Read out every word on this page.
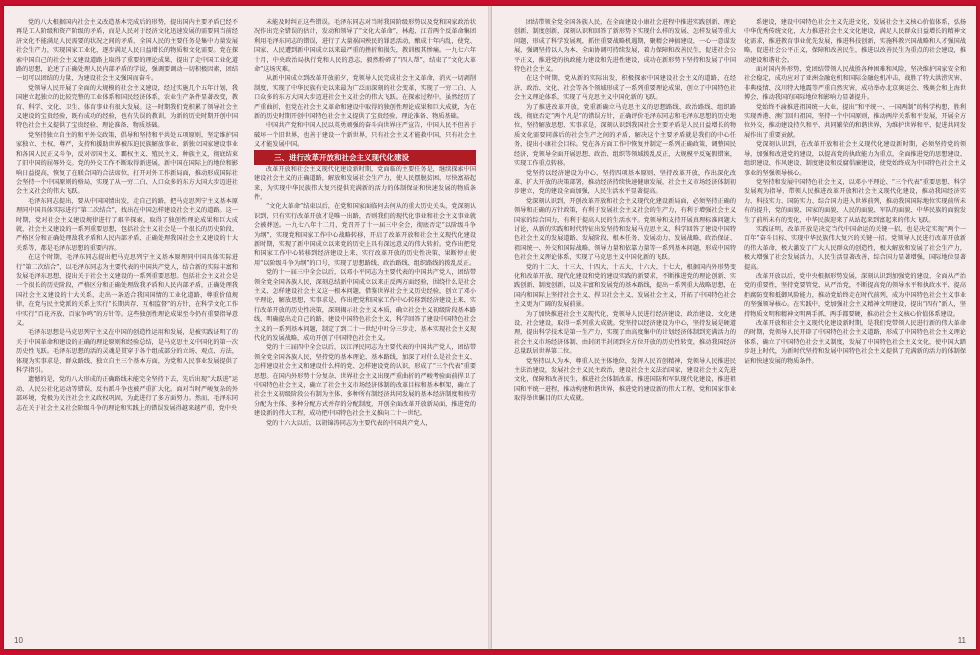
党的八大根据国内社会主义改造基本完成后的形势，提出国内主要矛盾已经不再是工人阶级和资产阶级的矛盾，而是人民对于经济文化迅速发展的需要同当前经济文化不能满足人民需要的状况之间的矛盾，全国人民的主要任务是集中力量发展社会生产力，实现国家工业化，逐步满足人民日益增长的物质和文化需要。党在探索中国自己的社会主义建设道路上取得了重要的理论成果，提出了走中国工业化道路的思想，论述了正确处理人民内部矛盾的学说，强调要调动一切积极因素，团结一切可以团结的力量，为建设社会主义强国而奋斗。

党领导人民开展了全面的大规模的社会主义建设，经过实施几个五年计划，我国建立起独立的比较完整的工业体系和国民经济体系，农业生产条件显著改变，教育、科学、文化、卫生、体育事业有很大发展。这一时期我们党积累了领导社会主义建设的宝贵经验，既有成功的经验，也有失误的教训，为新的历史时期开创中国特色社会主义提供了宝贵经验、理论准备、物质基础。

党坚持独立自主的和平外交政策，倡导和坚持和平共处五项原则，坚定维护国家独立、主权、尊严，支持和援助世界被压迫民族解放事业、新独立国家建设事业和各国人民正义斗争，反对帝国主义、霸权主义、殖民主义、种族主义，彻底结束了旧中国的屈辱外交。党的外交工作不断取得新进展，新中国在国际上的地位和影响日益提高，恢复了在联合国的合法席位，打开对外工作新局面，推动形成国际社会坚持一个中国原则的格局，实现了从一穷二白、人口众多的东方大国大步迈进社会主义社会的伟大飞跃。

毛泽东同志提出，要从中国国情出发，走自己的路，把马克思列宁主义基本原理同中国具体实际进行“第二次结合”，找出在中国怎样建设社会主义的道路。这一时期，党对社会主义建设规律进行了艰辛探索，取得了独创性理论成果和巨大成就，社会主义建设的一系列重要思想，包括社会主义社会是一个很长的历史阶段、严格区分和正确处理敌我矛盾和人民内部矛盾、正确处理我国社会主义建设的十大关系等，都是毛泽东思想的重要内容。

在这个时期，毛泽东同志提出把马克思列宁主义基本原理同中国具体实际进行“第二次结合”，以毛泽东同志为主要代表的中国共产党人，结合新的实际丰富和发展毛泽东思想，提出关于社会主义建设的一系列重要思想。包括社会主义社会是一个很长的历史阶段，严格区分和正确处理敌我矛盾和人民内部矛盾，正确处理我国社会主义建设的十大关系，走出一条适合我国国情的工业化道路，尊重价值规律，在党与民主党派的关系上实行“长期共存、互相监督”的方针，在科学文化工作中实行“百花齐放、百家争鸣”的方针等。这些独创性理论成果至今仍有重要指导意义。

毛泽东思想是马克思列宁主义在中国的创造性运用和发展，是被实践证明了的关于中国革命和建设的正确的理论原则和经验总结，是马克思主义中国化的第一次历史性飞跃。毛泽东思想的活的灵魂是贯穿于各个组成部分的立场、观点、方法，体现为实事求是、群众路线、独立自主三个基本方面，为党和人民事业发展提供了科学指引。

遗憾的是，党的八大形成的正确路线未能完全坚持下去，先后出现“大跃进”运动、人民公社化运动等错误，反右派斗争也被严重扩大化。面对当时严峻复杂的外部环境，党极为关注社会主义政权巩固，为此进行了多方面努力。然而，毛泽东同志在关于社会主义社会阶级斗争的理论和实践上的错误发展得越来越严重，党中央

未能及时纠正这些错误。毛泽东同志对当时我国阶级形势以及党和国家政治状况作出完全错误的估计，发动和领导了“文化大革命”，林彪、江青两个反革命集团利用毛泽东同志的错误，进行了大量祸国殃民的罪恶活动，酿成十年内乱，使党、国家、人民遭到新中国成立以来最严重的挫折和损失，教训极其惨痛。一九七六年十月，中央政治局执行党和人民的意志，毅然粉碎了“四人帮”，结束了“文化大革命”这场灾难。

从新中国成立到改革开放前夕，党领导人民完成社会主义革命，消灭一切剥削制度，实现了中华民族有史以来最为广泛而深刻的社会变革，实现了一穷二白、人口众多的东方大国大步迈进社会主义社会的伟大飞跃。在探索过程中，虽然经历了严重曲折，但党在社会主义革命和建设中取得的独创性理论成果和巨大成就，为在新的历史时期开创中国特色社会主义提供了宝贵经验、理论准备、物质基础。

中国共产党和中国人民以英勇顽强的奋斗向世界庄严宣告，中国人民不但善于破坏一个旧世界，也善于建设一个新世界，只有社会主义才能救中国，只有社会主义才能发展中国。

三、进行改革开放和社会主义现代化建设

改革开放和社会主义现代化建设新时期，党面临的主要任务是，继续探索中国建设社会主义的正确道路，解放和发展社会生产力，使人民摆脱贫困、尽快富裕起来，为实现中华民族伟大复兴提供充满新的活力的体制保证和快速发展的物质条件。

“文化大革命”结束以后，在党和国家面临何去何从的重大历史关头，党深刻认识到，只有实行改革开放才是唯一出路，否则我们的现代化事业和社会主义事业就会被葬送。一九七八年十二月，党召开了十一届三中全会，彻底否定“以阶级斗争为纲”，实现党和国家工作中心战略转移，开启了改革开放和社会主义现代化建设新时期，实现了新中国成立以来党的历史上具有深远意义的伟大转折。党作出把党和国家工作中心转移到经济建设上来、实行改革开放的历史性决策，果断停止使用“以阶级斗争为纲”的口号，实现了思想路线、政治路线、组织路线的拨乱反正。

党的十一届三中全会以后，以邓小平同志为主要代表的中国共产党人，团结带领全党全国各族人民，深刻总结新中国成立以来正反两方面经验，围绕什么是社会主义、怎样建设社会主义这一根本问题，借鉴世界社会主义历史经验，创立了邓小平理论，解放思想，实事求是，作出把党和国家工作中心转移到经济建设上来、实行改革开放的历史性决策，深刻揭示社会主义本质，确立社会主义初级阶段基本路线，明确提出走自己的路、建设中国特色社会主义，科学回答了建设中国特色社会主义的一系列基本问题，制定了到二十一世纪中叶分三步走、基本实现社会主义现代化的发展战略，成功开创了中国特色社会主义。

党的十三届四中全会以后，以江泽民同志为主要代表的中国共产党人，团结带领全党全国各族人民，坚持党的基本理论、基本路线，加深了对什么是社会主义、怎样建设社会主义和建设什么样的党、怎样建设党的认识，形成了“三个代表”重要思想。在国内外形势十分复杂、世界社会主义出现严重曲折的严峻考验面前捍卫了中国特色社会主义，确立了社会主义市场经济体制的改革目标和基本框架，确立了社会主义初级阶段公有制为主体、多种所有制经济共同发展的基本经济制度和按劳分配为主体、多种分配方式并存的分配制度，开创全面改革开放新局面，推进党的建设新的伟大工程，成功把中国特色社会主义推向二十一世纪。

党的十六大以后，以胡锦涛同志为主要代表的中国共产党人，

10

团结带领全党全国各族人民，在全面建设小康社会进程中推进实践创新、理论创新、制度创新，深刻认识和回答了新形势下实现什么样的发展、怎样发展等重大问题，形成了科学发展观，抓住重要战略机遇期，聚精会神搞建设，一心一意谋发展，强调坚持以人为本、全面协调可持续发展，着力保障和改善民生，促进社会公平正义，推进党的执政能力建设和先进性建设，成功在新形势下坚持和发展了中国特色社会主义。

在这个时期，党从新的实际出发，积极探索中国建设社会主义的道路，在经济、政治、文化、社会等各个领域形成了一系列重要理论成果，创立了中国特色社会主义理论体系，实现了马克思主义中国化新的飞跃。

为了推进改革开放，党重新确立马克思主义的思想路线、政治路线、组织路线，彻底否定“两个凡是”的错误方针，正确评价毛泽东同志和毛泽东思想的历史地位，坚持解放思想、实事求是，深刻认识到我国社会主要矛盾是人民日益增长的物质文化需要同落后的社会生产之间的矛盾，解决这个主要矛盾就是我们的中心任务，提出小康社会目标。党在各方面工作中恢复并制定一系列正确政策，调整国民经济，党领导全面开展思想、政治、组织等领域拨乱反正，大规模平反冤假错案，实现工作重点转移。

党坚持以经济建设为中心、坚持四项基本原则、坚持改革开放，作出深化改革、扩大开放的决策部署，推动经济持续快速健康发展，社会主义市场经济体制初步建立，党的建设全面加强，人民生活水平显著提高。

党深刻认识到，开创改革开放和社会主义现代化建设新局面，必须坚持正确的领导和正确的方针政策，有利于发展社会主义社会的生产力，有利于增强社会主义国家的综合国力，有利于提高人民的生活水平。党领导和支持开展真理标准问题大讨论，从新的实践和时代特征出发坚持和发展马克思主义，科学回答了建设中国特色社会主义的发展道路、发展阶段、根本任务、发展动力、发展战略、政治保证、祖国统一、外交和国际战略、领导力量和依靠力量等一系列基本问题，形成中国特色社会主义理论体系，实现了马克思主义中国化新的飞跃。

党的十二大、十三大、十四大、十五大、十六大、十七大，根据国内外形势变化和改革开放、现代化建设和党的建设实践的新要求，不断推进党的理论创新、实践创新、制度创新，以及丰富和发展党的基本路线，提出一系列重大战略思想，在国内和国际上坚持社会主义、捍卫社会主义、发展社会主义，开拓了中国特色社会主义更为广阔的发展前景。

为了加快推进社会主义现代化，党领导人民进行经济建设、政治建设、文化建设、社会建设，取得一系列重大成就。党坚持以经济建设为中心，坚持发展是硬道理，提出科学技术是第一生产力，实现了由高度集中的计划经济体制到充满活力的社会主义市场经济体制、由封闭半封闭到全方位开放的历史性转变，推动我国经济总量跃居世界第二位。

党坚持以人为本，尊重人民主体地位，发挥人民首创精神，党领导人民推进民主法治建设，发展社会主义民主政治，建设社会主义法治国家，建设社会主义先进文化，保障和改善民生，推进社会体制改革，推进国防和军队现代化建设，推进祖国和平统一进程，推动构建和谐世界，推进党的建设新的伟大工程，党和国家事业取得举世瞩目的巨大成就。

系建设，建设中国特色社会主义先进文化，发展社会主义核心价值体系，弘扬中华优秀传统文化，大力推进社会主义文化建设，满足人民群众日益增长的精神文化需求，推进教育事业优先发展，推进科技创新，实施科教兴国战略和人才强国战略，促进社会公平正义，保障和改善民生，推进以改善民生为重点的社会建设，推动建设和谐社会。

面对国内外形势，党团结带领人民战胜各种困难和风险，坚决维护国家安全和社会稳定，成功应对了亚洲金融危机和国际金融危机冲击，战胜了特大洪涝灾害、非典疫情、汶川特大地震等严重自然灾害，成功举办北京奥运会、残奥会和上海世博会，推动我国的国际地位和影响力显著提升。

党始终不渝推进祖国统一大业，提出“和平统一、一国两制”的科学构想，胜利实现香港、澳门回归祖国，坚持一个中国原则，推动两岸关系和平发展，开展全方位外交，推动建设持久和平、共同繁荣的和谐世界，为维护世界和平、促进共同发展作出了重要贡献。

党深刻认识到，在改革开放和社会主义现代化建设新时期，必须坚持党的领导，加强和改进党的建设，以提高党的执政能力为重点，全面推进党的思想建设、组织建设、作风建设、制度建设和反腐倡廉建设，使党始终成为中国特色社会主义事业的坚强领导核心。

党坚持和发展中国特色社会主义，以邓小平理论、“三个代表”重要思想、科学发展观为指导，带领人民推进改革开放和社会主义现代化建设，推动我国经济实力、科技实力、国防实力、综合国力进入世界前列，推动我国国际地位实现前所未有的提升，党的面貌、国家的面貌、人民的面貌、军队的面貌、中华民族的面貌发生了前所未有的变化，中华民族迎来了从站起来到富起来的伟大飞跃。

实践证明，改革开放是决定当代中国命运的关键一招，也是决定实现“两个一百年”奋斗目标、实现中华民族伟大复兴的关键一招。党领导人民进行改革开放新的伟大革命，极大激发了广大人民群众的创造性，极大解放和发展了社会生产力，极大增强了社会发展活力，人民生活显著改善，综合国力显著增强，国际地位显著提高。

改革开放以后，党中央根据形势发展，深刻认识到加强党的建设、全面从严治党的重要性，坚持党要管党、从严治党，不断提高党的领导水平和执政水平、提高拒腐防变和抵御风险能力，推动党始终走在时代前列，成为中国特色社会主义事业的坚强领导核心。在实践中，党加强社会主义精神文明建设，提出“四有”新人，坚持物质文明和精神文明两手抓、两手都要硬，推动社会主义核心价值体系建设。

改革开放和社会主义现代化建设新时期，是我们党带领人民进行新的伟大革命的时期，党领导人民开辟了中国特色社会主义道路，形成了中国特色社会主义理论体系，确立了中国特色社会主义制度，发展了中国特色社会主义文化，使中国大踏步赶上时代，为新时代坚持和发展中国特色社会主义提供了充满新的活力的体制保证和快速发展的物质条件。

11
